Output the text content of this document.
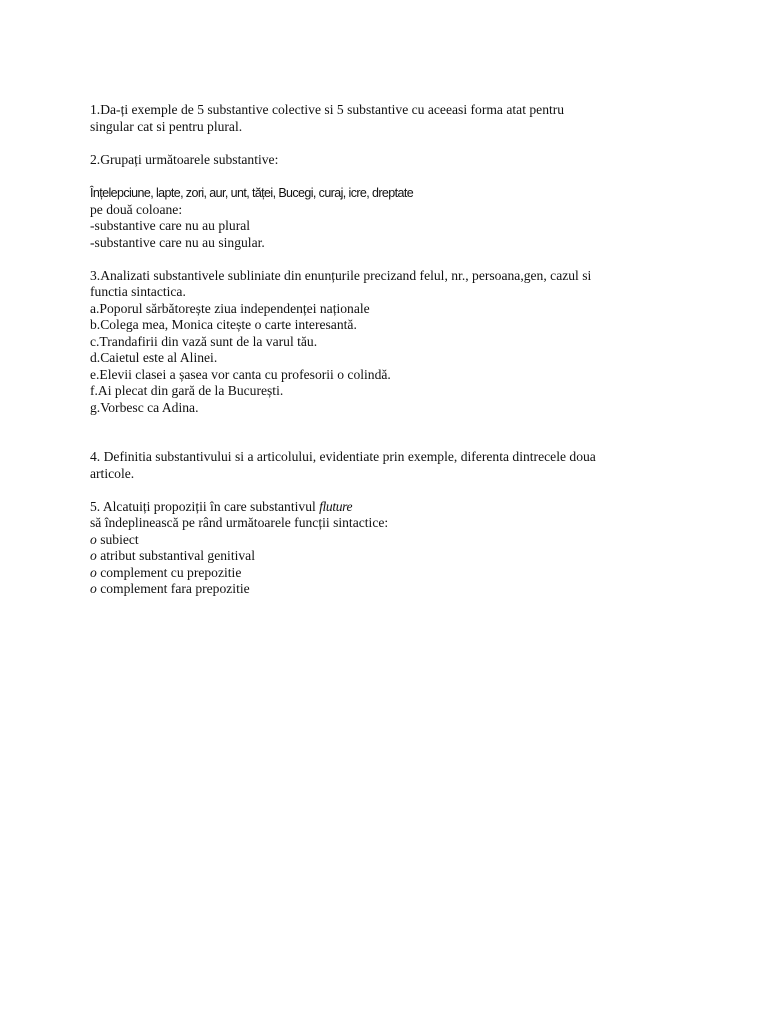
1.Da-ți exemple de 5 substantive colective si 5 substantive cu aceeasi forma atat pentru
singular cat si pentru plural.
2.Grupați următoarele substantive:
Înțelepciune, lapte, zori, aur, unt, tăței, Bucegi, curaj, icre, dreptate
pe două coloane:
-substantive care nu au plural
-substantive care nu au singular.
3.Analizati substantivele subliniate din enunțurile precizand felul, nr., persoana,gen, cazul si
functia sintactica.
a.Poporul sărbătorește ziua independenței naționale
b.Colega mea, Monica citește o carte interesantă.
c.Trandafirii din vază sunt de la varul tău.
d.Caietul este al Alinei.
e.Elevii clasei a șasea vor canta cu profesorii o colindă.
f.Ai plecat din gară de la București.
g.Vorbesc ca Adina.
4. Definitia substantivului si a articolului, evidentiate prin exemple, diferenta dintrecele doua
articole.
5. Alcatuiți propoziții în care substantivul fluture
să îndeplinească pe rând următoarele funcții sintactice:
o subiect
o atribut substantival genitival
o complement cu prepozitie
o complement fara prepozitie
